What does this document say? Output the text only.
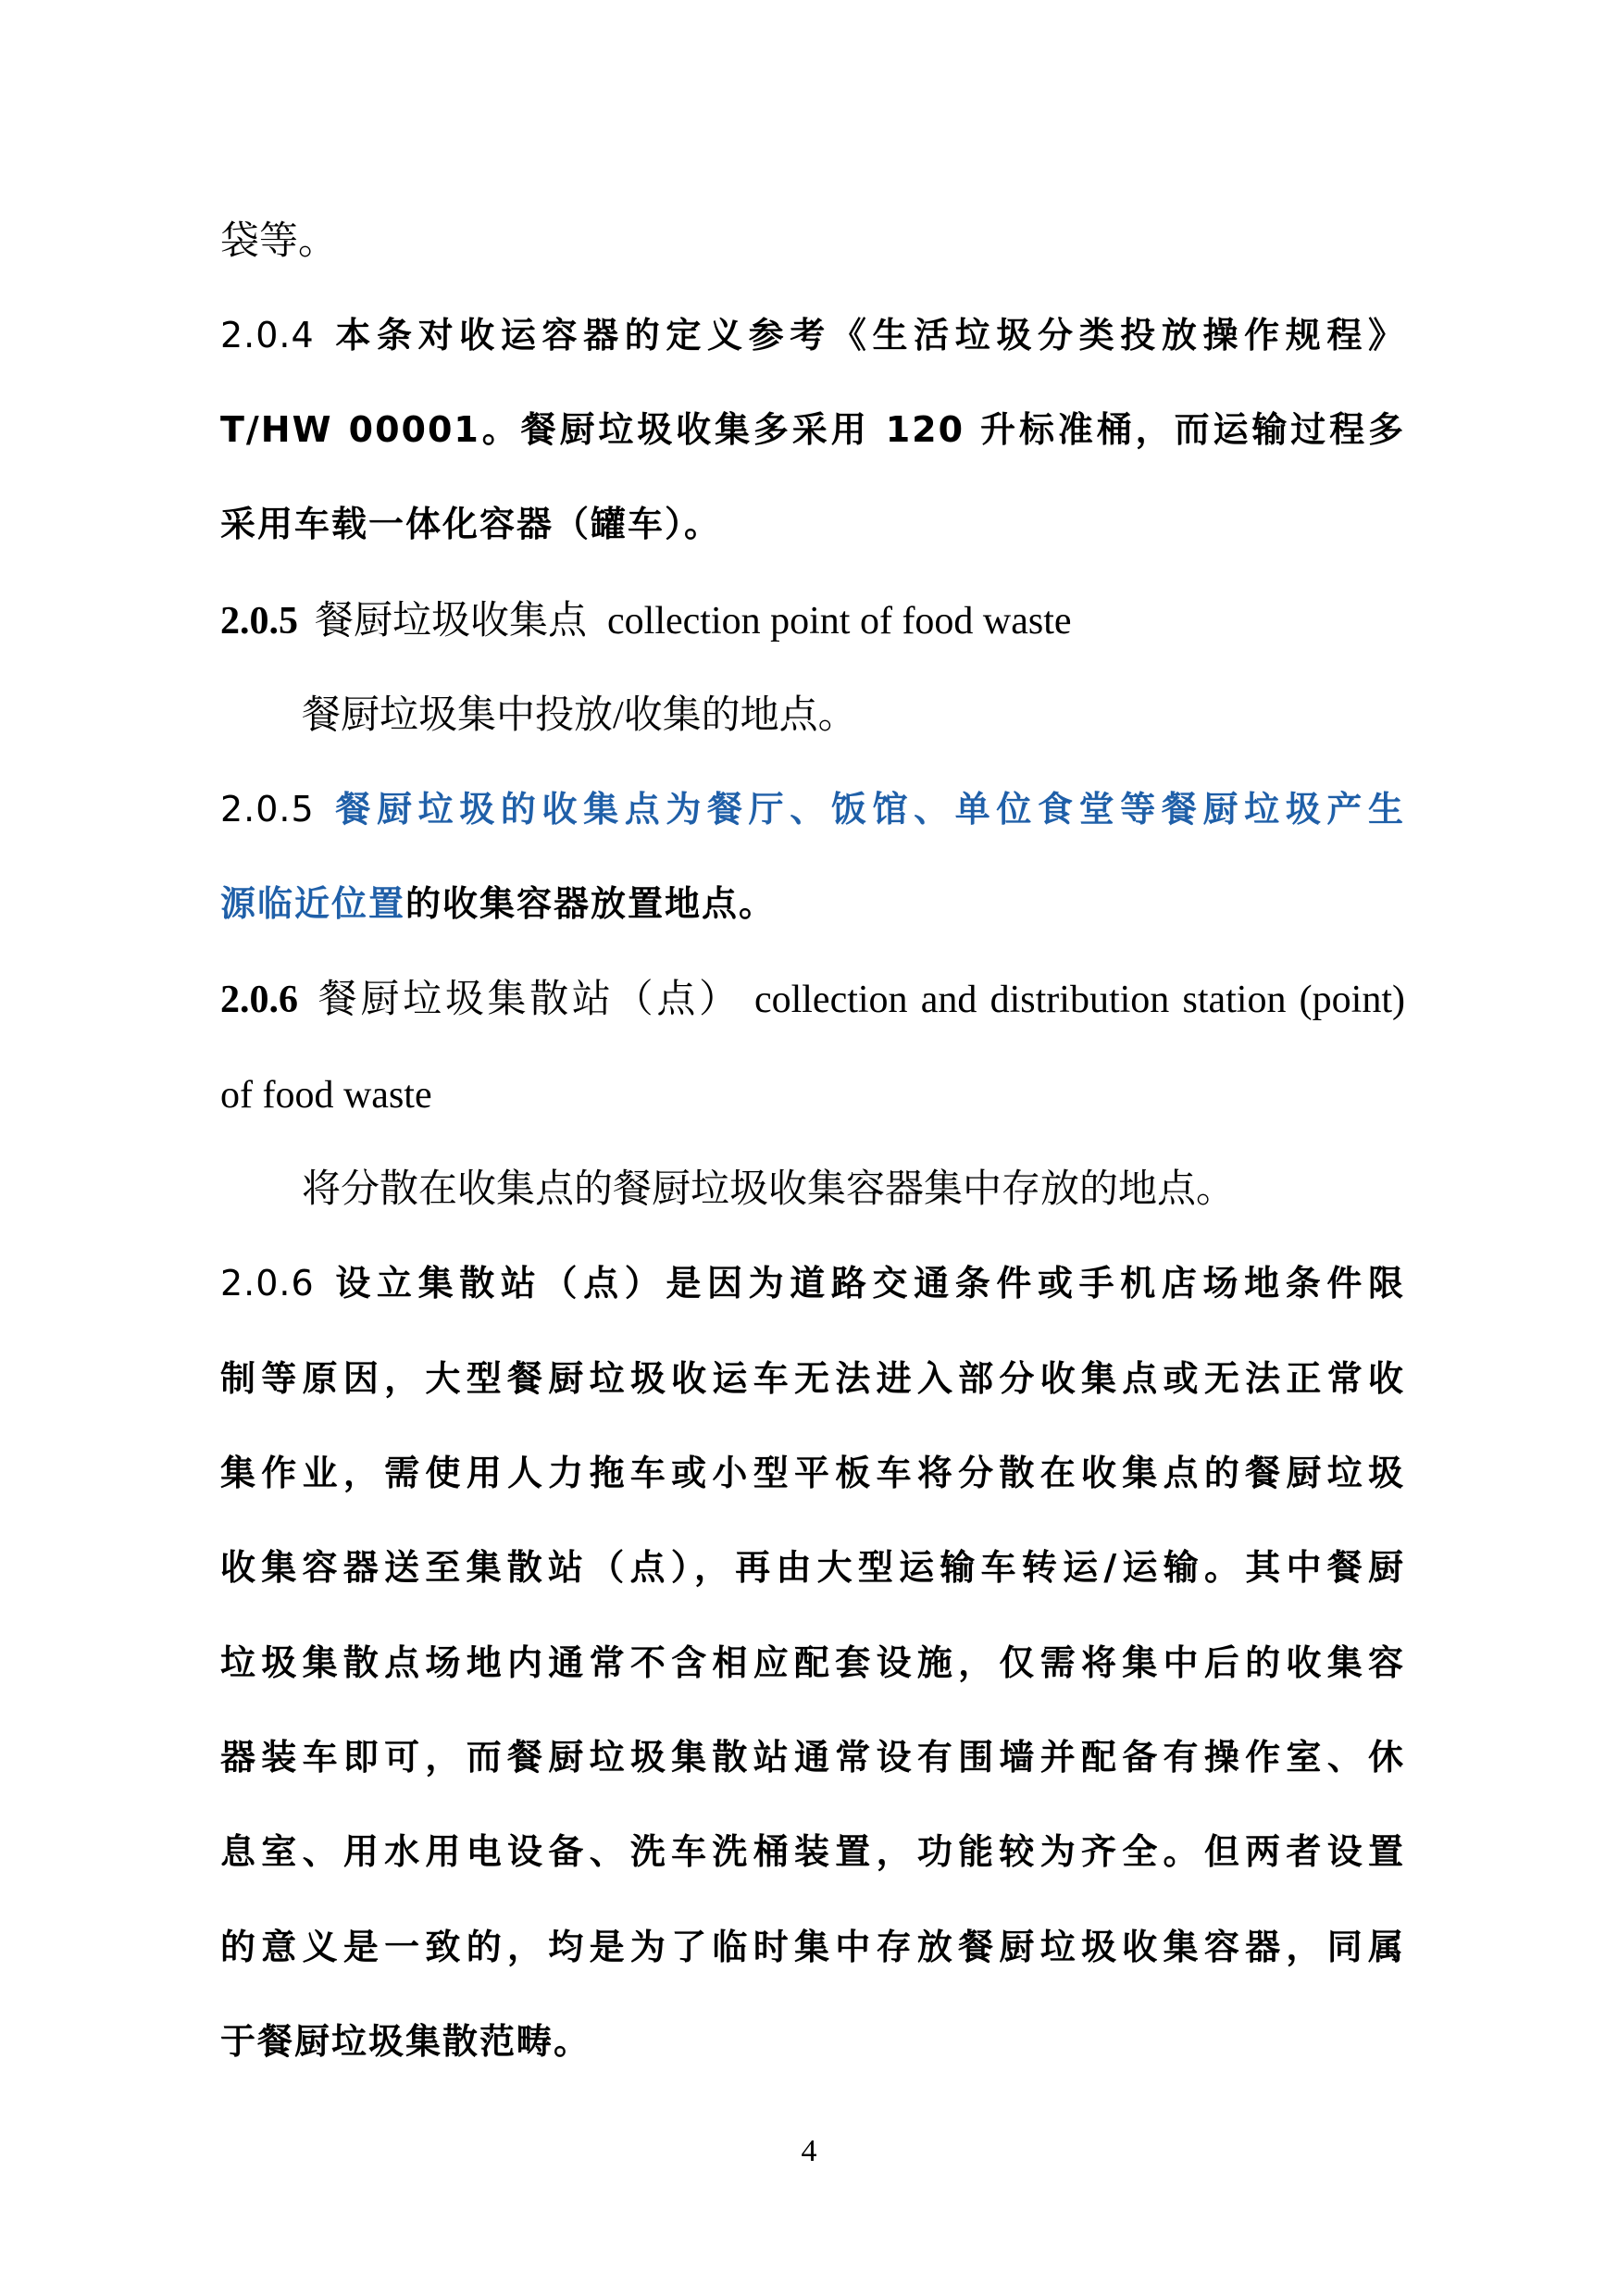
袋等。
2.0.4 本条对收运容器的定义参考《生活垃圾分类投放操作规程》
T/HW 00001。餐厨垃圾收集多采用 120 升标准桶，而运输过程多
采用车载一体化容器（罐车）。
2.0.5 餐厨垃圾收集点 collection point of food waste
餐厨垃圾集中投放/收集的地点。
2.0.5 餐厨垃圾的收集点为餐厅、饭馆、单位食堂等餐厨垃圾产生
源临近位置的收集容器放置地点。
2.0.6 餐厨垃圾集散站（点） collection and distribution station (point)
of food waste
将分散在收集点的餐厨垃圾收集容器集中存放的地点。
2.0.6 设立集散站（点）是因为道路交通条件或手机店场地条件限
制等原因，大型餐厨垃圾收运车无法进入部分收集点或无法正常收
集作业，需使用人力拖车或小型平板车将分散在收集点的餐厨垃圾
收集容器送至集散站（点），再由大型运输车转运/运输。其中餐厨
垃圾集散点场地内通常不含相应配套设施，仅需将集中后的收集容
器装车即可，而餐厨垃圾集散站通常设有围墙并配备有操作室、休
息室、用水用电设备、洗车洗桶装置，功能较为齐全。但两者设置
的意义是一致的，均是为了临时集中存放餐厨垃圾收集容器，同属
于餐厨垃圾集散范畴。
4
